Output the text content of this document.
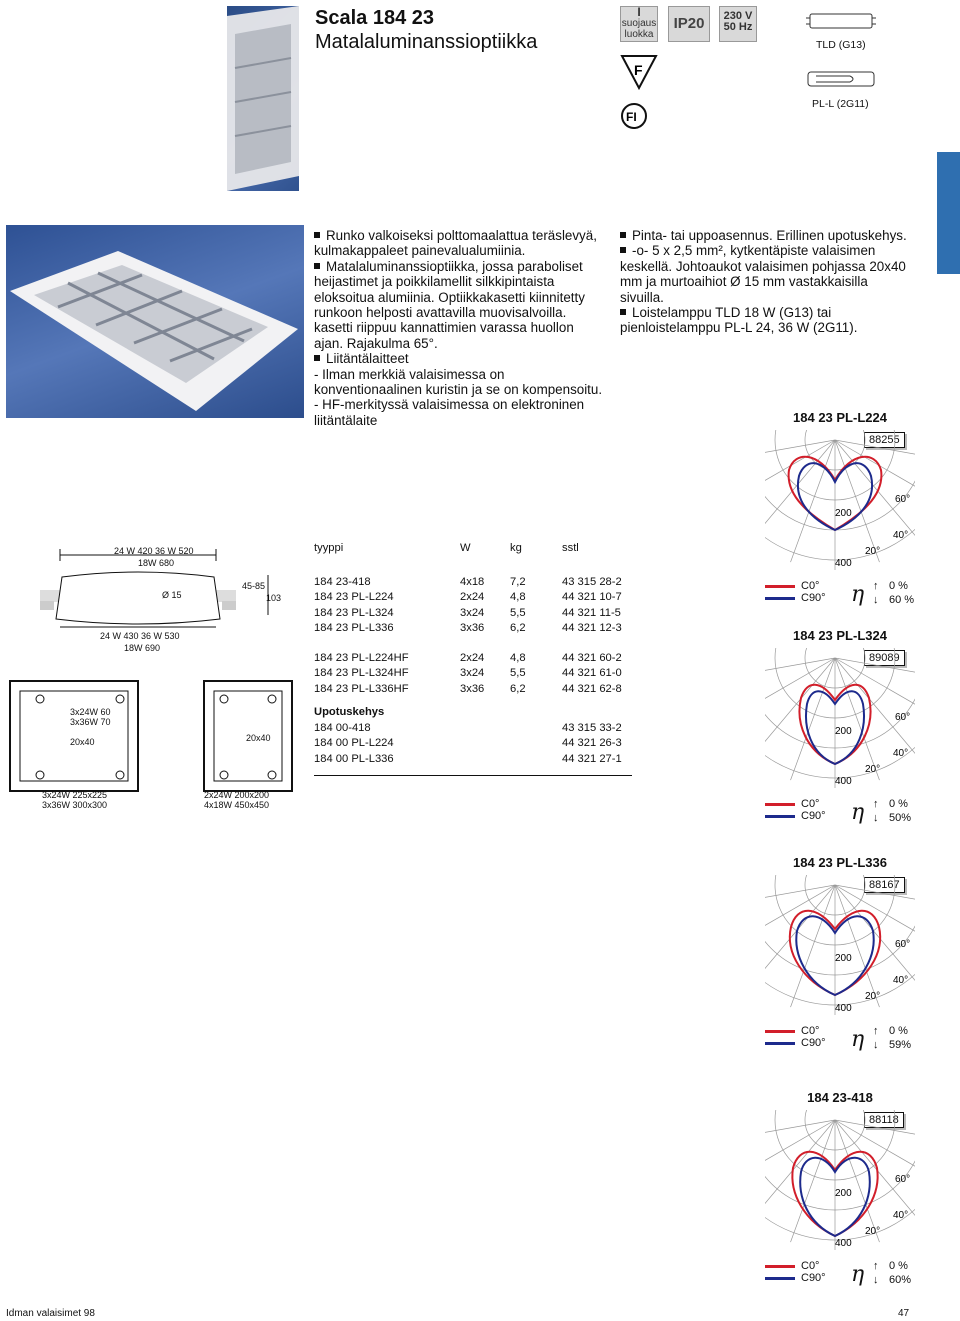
Scala 184 23
Matalaluminanssioptiikka
I
suojaus
luokka
IP20	230 V
50 Hz
F
FI
TLD (G13)
PL-L (2G11)
Runko valkoiseksi polttomaalattua teräslevyä, kulmakappaleet painevalualumiinia.
Matalaluminanssioptiikka, jossa paraboliset heijastimet ja poikkilamellit silkkipintaista eloksoitua alumiinia. Optiikkakasetti kiinnitetty runkoon helposti avattavilla muovisalvoilla. kasetti riippuu kannattimien varassa huollon ajan. Rajakulma 65°.
Liitäntälaitteet
- Ilman merkkiä valaisimessa on konventionaalinen kuristin ja se on kompensoitu.
- HF-merkityssä valaisimessa on elektroninen liitäntälaite
Pinta- tai uppoasennus. Erillinen upotuskehys.
-o- 5 x 2,5 mm², kytkentäpiste valaisimen keskellä. Johtoaukot valaisimen pohjassa 20x40 mm ja murtoaihiot Ø 15 mm vastakkaisilla sivuilla.
Loistelamppu TLD 18 W (G13) tai pienloistelamppu PL-L 24, 36 W (2G11).
24 W 420 36 W 520
18W 680
Ø 15
45-85
103
24 W 430 36 W 530
18W 690
3x24W 60
3x36W 70
20x40	20x40
3x24W 225x225
3x36W 300x300
2x24W 200x200
4x18W 450x450
tyyppi	W	kg	sstl
184 23-418	4x18	7,2	43 315 28-2
184 23 PL-L224	2x24	4,8	44 321 10-7
184 23 PL-L324	3x24	5,5	44 321 11-5
184 23 PL-L336	3x36	6,2	44 321 12-3
184 23 PL-L224HF	2x24	4,8	44 321 60-2
184 23 PL-L324HF	3x24	5,5	44 321 61-0
184 23 PL-L336HF	3x36	6,2	44 321 62-8
Upotuskehys
184 00-418	43 315 33-2
184 00 PL-L224	44 321 26-3
184 00 PL-L336	44 321 27-1
184 23 PL-L224
88255
60°
200
40°
20°
400
C0°
C90° η ↑
↓
0 %
60 %
184 23 PL-L324
89089
60°
200
40°
20°
400
C0°
C90° η ↑
↓
0 %
50%
184 23 PL-L336
88167
60°
200
40°
20°
400
C0°
C90° η ↑
↓
0 %
59%
184 23-418
88118
60°
200
40°
20°
400
C0°
C90° η ↑
↓
0 %
60%
Idman valaisimet 98	47
